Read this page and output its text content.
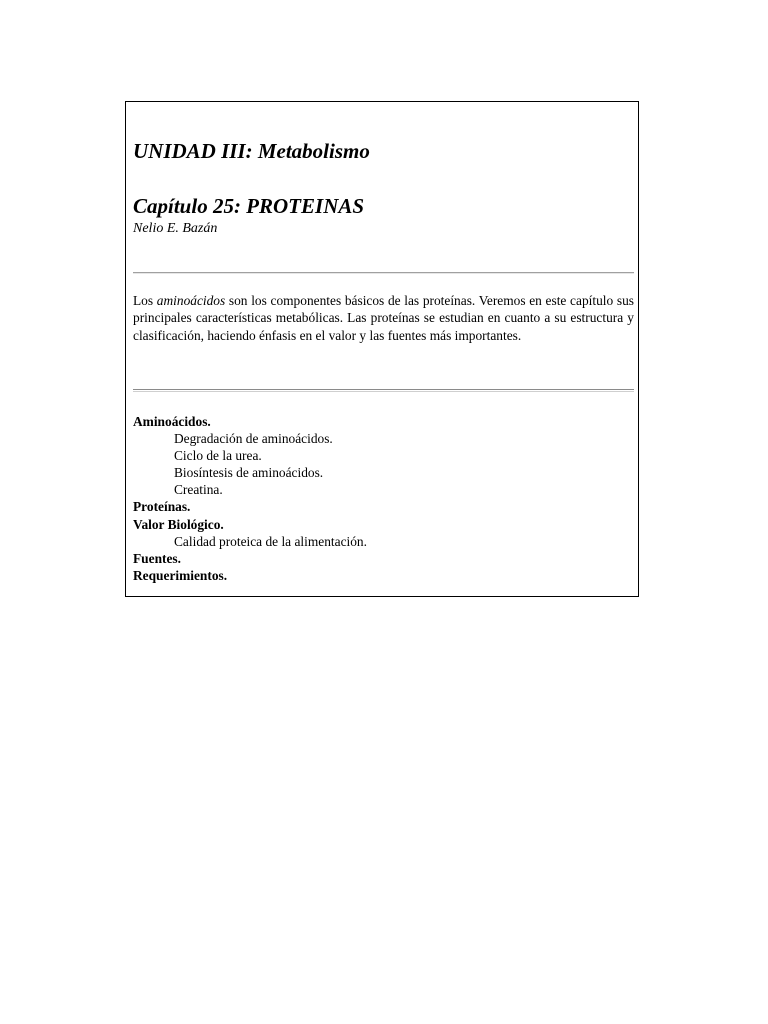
UNIDAD III: Metabolismo
Capítulo 25: PROTEINAS

Nelio E. Bazán

Los aminoácidos son los componentes básicos de las proteínas. Veremos en este capítulo sus principales características metabólicas. Las proteínas se estudian en cuanto a su estructura y clasificación, haciendo énfasis en el valor y las fuentes más importantes.

Aminoácidos.
Degradación de aminoácidos.
Ciclo de la urea.
Biosíntesis de aminoácidos.
Creatina.
Proteínas.
Valor Biológico.
Calidad proteica de la alimentación.
Fuentes.
Requerimientos.
